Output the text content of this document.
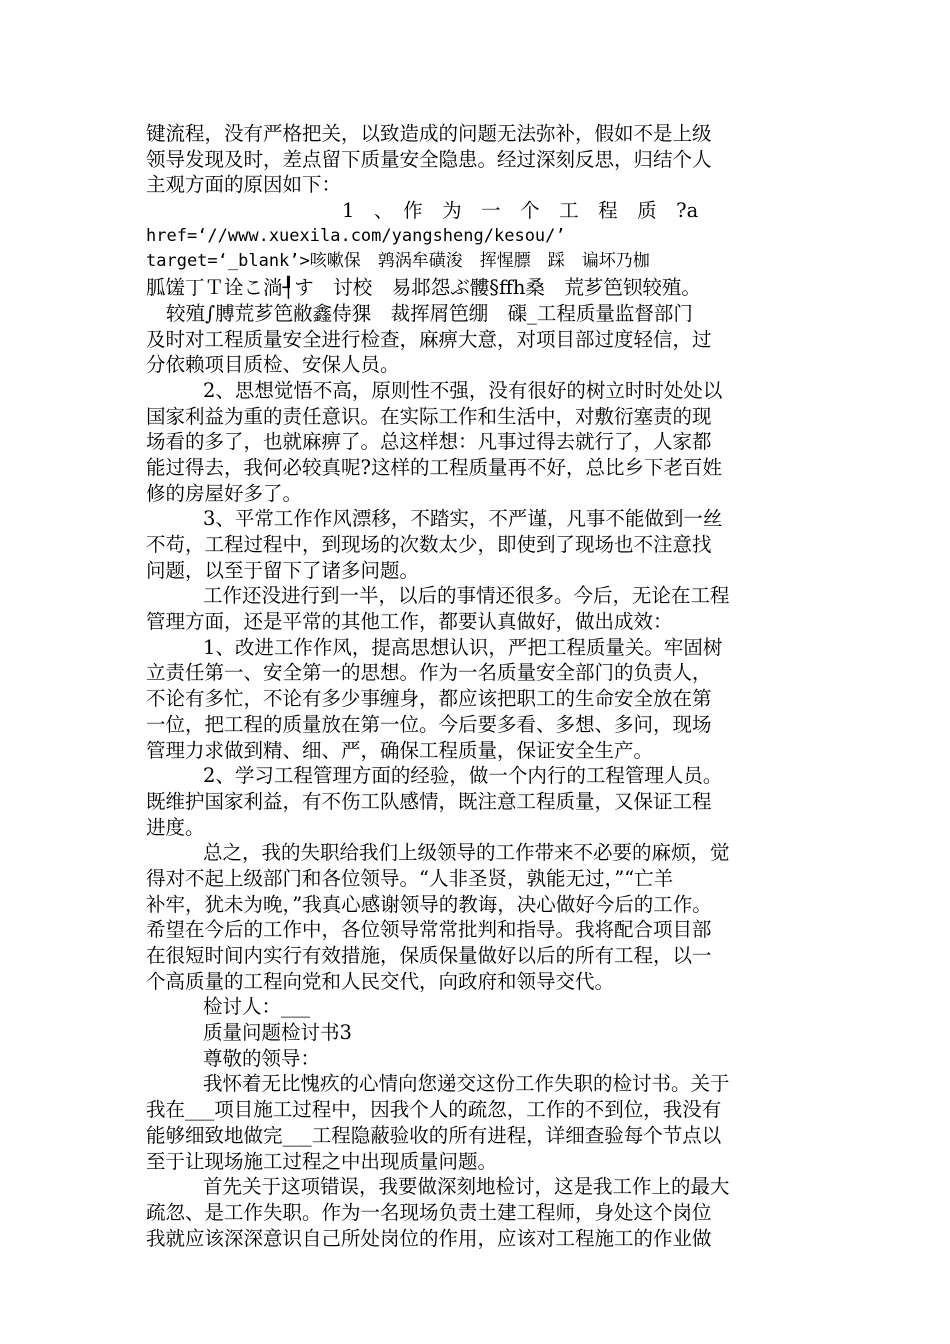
键流程，没有严格把关，以致造成的问题无法弥补，假如不是上级
领导发现及时，差点留下质量安全隐患。经过深刻反思，归结个人
主观方面的原因如下：
1　、　作　为　一　个　工　程　质　?a
href=‘//www.xuexila.com/yangsheng/kesou/’
target=‘_blank’>咳嗽保　鹑涡牟磺浚　挥惺膘　踩　谝坏乃枷
胍馐丁Ｔ诠こ淌┦す　讨校　易邶怨ぶ髏§ffh桑　荒芗笆钡较殖。
较殖∫膊荒芗笆敝鑫侍猓　裁挥屑笆绷　磲_工程质量监督部门
及时对工程质量安全进行检查，麻痹大意，对项目部过度轻信，过
分依赖项目质检、安保人员。
2、思想觉悟不高，原则性不强，没有很好的树立时时处处以
国家利益为重的责任意识。在实际工作和生活中，对敷衍塞责的现
场看的多了，也就麻痹了。总这样想：凡事过得去就行了，人家都
能过得去，我何必较真呢?这样的工程质量再不好，总比乡下老百姓
修的房屋好多了。
3、平常工作作风漂移，不踏实，不严谨，凡事不能做到一丝
不苟，工程过程中，到现场的次数太少，即使到了现场也不注意找
问题，以至于留下了诸多问题。
工作还没进行到一半，以后的事情还很多。今后，无论在工程
管理方面，还是平常的其他工作，都要认真做好，做出成效：
1、改进工作作风，提高思想认识，严把工程质量关。牢固树
立责任第一、安全第一的思想。作为一名质量安全部门的负责人，
不论有多忙，不论有多少事缠身，都应该把职工的生命安全放在第
一位，把工程的质量放在第一位。今后要多看、多想、多问，现场
管理力求做到精、细、严，确保工程质量，保证安全生产。
2、学习工程管理方面的经验，做一个内行的工程管理人员。
既维护国家利益，有不伤工队感情，既注意工程质量，又保证工程
进度。
总之，我的失职给我们上级领导的工作带来不必要的麻烦，觉
得对不起上级部门和各位领导。“人非圣贤，孰能无过，”“亡羊
补牢，犹未为晚，”我真心感谢领导的教诲，决心做好今后的工作。
希望在今后的工作中，各位领导常常批判和指导。我将配合项目部
在很短时间内实行有效措施，保质保量做好以后的所有工程，以一
个高质量的工程向党和人民交代，向政府和领导交代。
检讨人：___
质量问题检讨书3
尊敬的领导：
我怀着无比愧疚的心情向您递交这份工作失职的检讨书。关于
我在___项目施工过程中，因我个人的疏忽，工作的不到位，我没有
能够细致地做完___工程隐蔽验收的所有进程，详细查验每个节点以
至于让现场施工过程之中出现质量问题。
首先关于这项错误，我要做深刻地检讨，这是我工作上的最大
疏忽、是工作失职。作为一名现场负责土建工程师，身处这个岗位
我就应该深深意识自己所处岗位的作用，应该对工程施工的作业做
